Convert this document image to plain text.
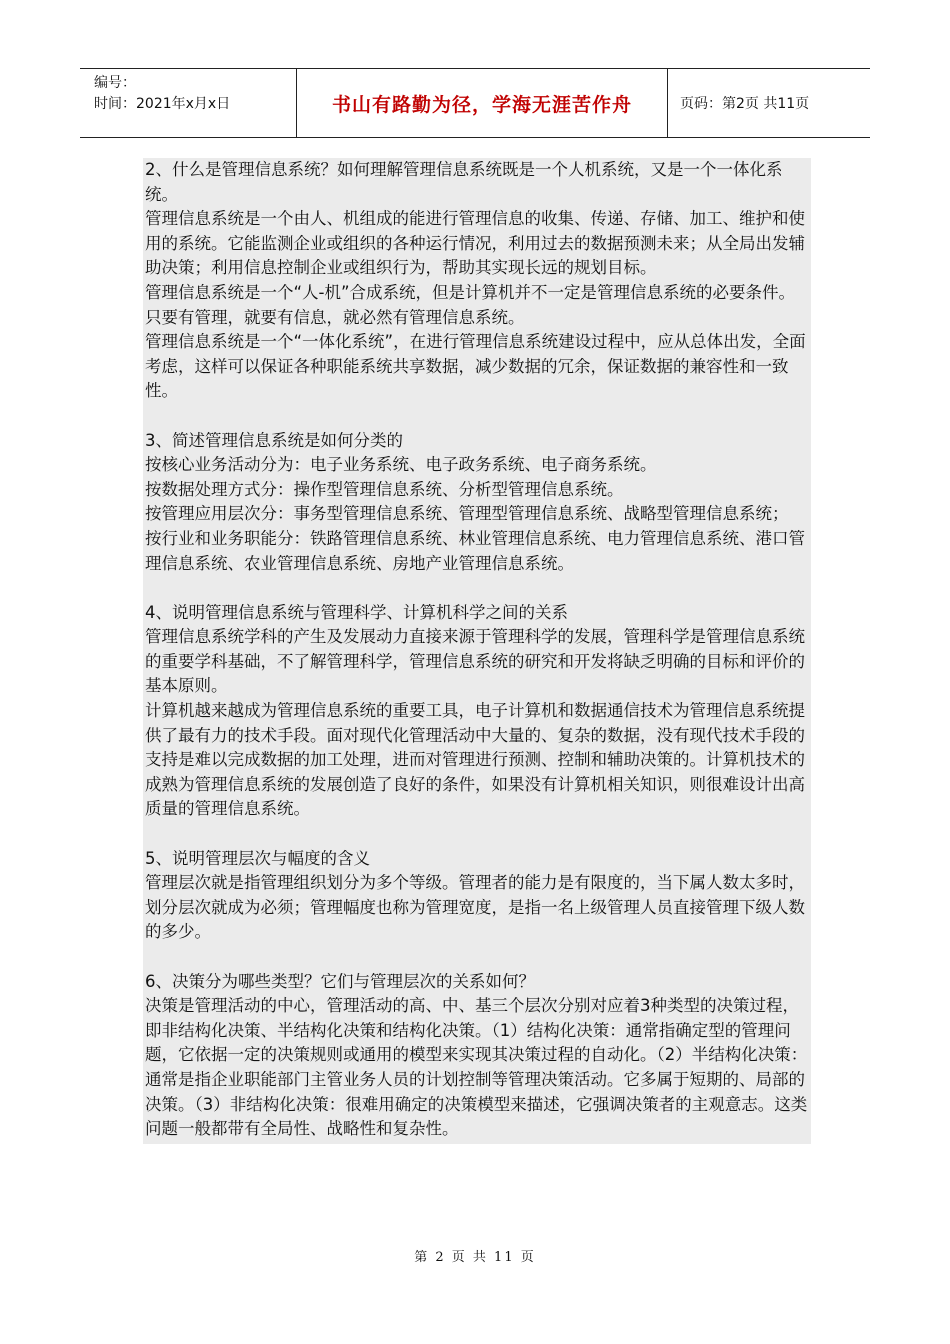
编号：
时间：2021年x月x日	书山有路勤为径，学海无涯苦作舟	页码：第2页 共11页

2、什么是管理信息系统？如何理解管理信息系统既是一个人机系统，又是一个一体化系统。

管理信息系统是一个由人、机组成的能进行管理信息的收集、传递、存储、加工、维护和使用的系统。它能监测企业或组织的各种运行情况，利用过去的数据预测未来；从全局出发辅助决策；利用信息控制企业或组织行为，帮助其实现长远的规划目标。

管理信息系统是一个“人-机”合成系统，但是计算机并不一定是管理信息系统的必要条件。只要有管理，就要有信息，就必然有管理信息系统。

管理信息系统是一个“一体化系统”，在进行管理信息系统建设过程中，应从总体出发，全面考虑，这样可以保证各种职能系统共享数据，减少数据的冗余，保证数据的兼容性和一致性。

3、简述管理信息系统是如何分类的

按核心业务活动分为：电子业务系统、电子政务系统、电子商务系统。

按数据处理方式分：操作型管理信息系统、分析型管理信息系统。

按管理应用层次分：事务型管理信息系统、管理型管理信息系统、战略型管理信息系统；

按行业和业务职能分：铁路管理信息系统、林业管理信息系统、电力管理信息系统、港口管理信息系统、农业管理信息系统、房地产业管理信息系统。

4、说明管理信息系统与管理科学、计算机科学之间的关系

管理信息系统学科的产生及发展动力直接来源于管理科学的发展，管理科学是管理信息系统的重要学科基础，不了解管理科学，管理信息系统的研究和开发将缺乏明确的目标和评价的基本原则。

计算机越来越成为管理信息系统的重要工具，电子计算机和数据通信技术为管理信息系统提供了最有力的技术手段。面对现代化管理活动中大量的、复杂的数据，没有现代技术手段的支持是难以完成数据的加工处理，进而对管理进行预测、控制和辅助决策的。计算机技术的成熟为管理信息系统的发展创造了良好的条件，如果没有计算机相关知识，则很难设计出高质量的管理信息系统。

5、说明管理层次与幅度的含义

管理层次就是指管理组织划分为多个等级。管理者的能力是有限度的，当下属人数太多时，划分层次就成为必须；管理幅度也称为管理宽度，是指一名上级管理人员直接管理下级人数的多少。

6、决策分为哪些类型？它们与管理层次的关系如何？

决策是管理活动的中心，管理活动的高、中、基三个层次分别对应着3种类型的决策过程，即非结构化决策、半结构化决策和结构化决策。（1）结构化决策：通常指确定型的管理问题，它依据一定的决策规则或通用的模型来实现其决策过程的自动化。（2）半结构化决策：通常是指企业职能部门主管业务人员的计划控制等管理决策活动。它多属于短期的、局部的决策。（3）非结构化决策：很难用确定的决策模型来描述，它强调决策者的主观意志。这类问题一般都带有全局性、战略性和复杂性。

第 2 页 共 11 页
